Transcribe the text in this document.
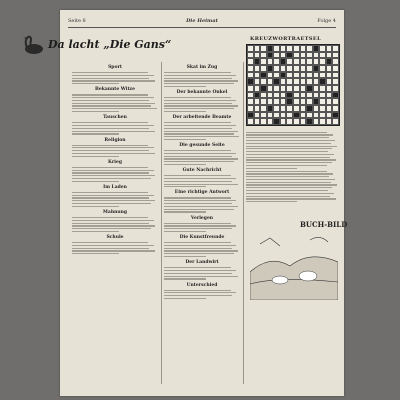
Seite 8	Die Heimat	Folge 4
Da lacht „Die Gans“
Sport
Bekannte Witze
Tauschen
Religion
Krieg
Im Laden
Mahnung
Schule
Skat im Zug
Der bekannte Onkel
Der arbeitende Beamte
Die gesunde Seite
Gute Nachricht
Eine richtige Antwort
Verlegen
Die Kunstfreunde
Der Landwirt
Unterschied
KREUZWORTRAETSEL
BUCH-BILD
